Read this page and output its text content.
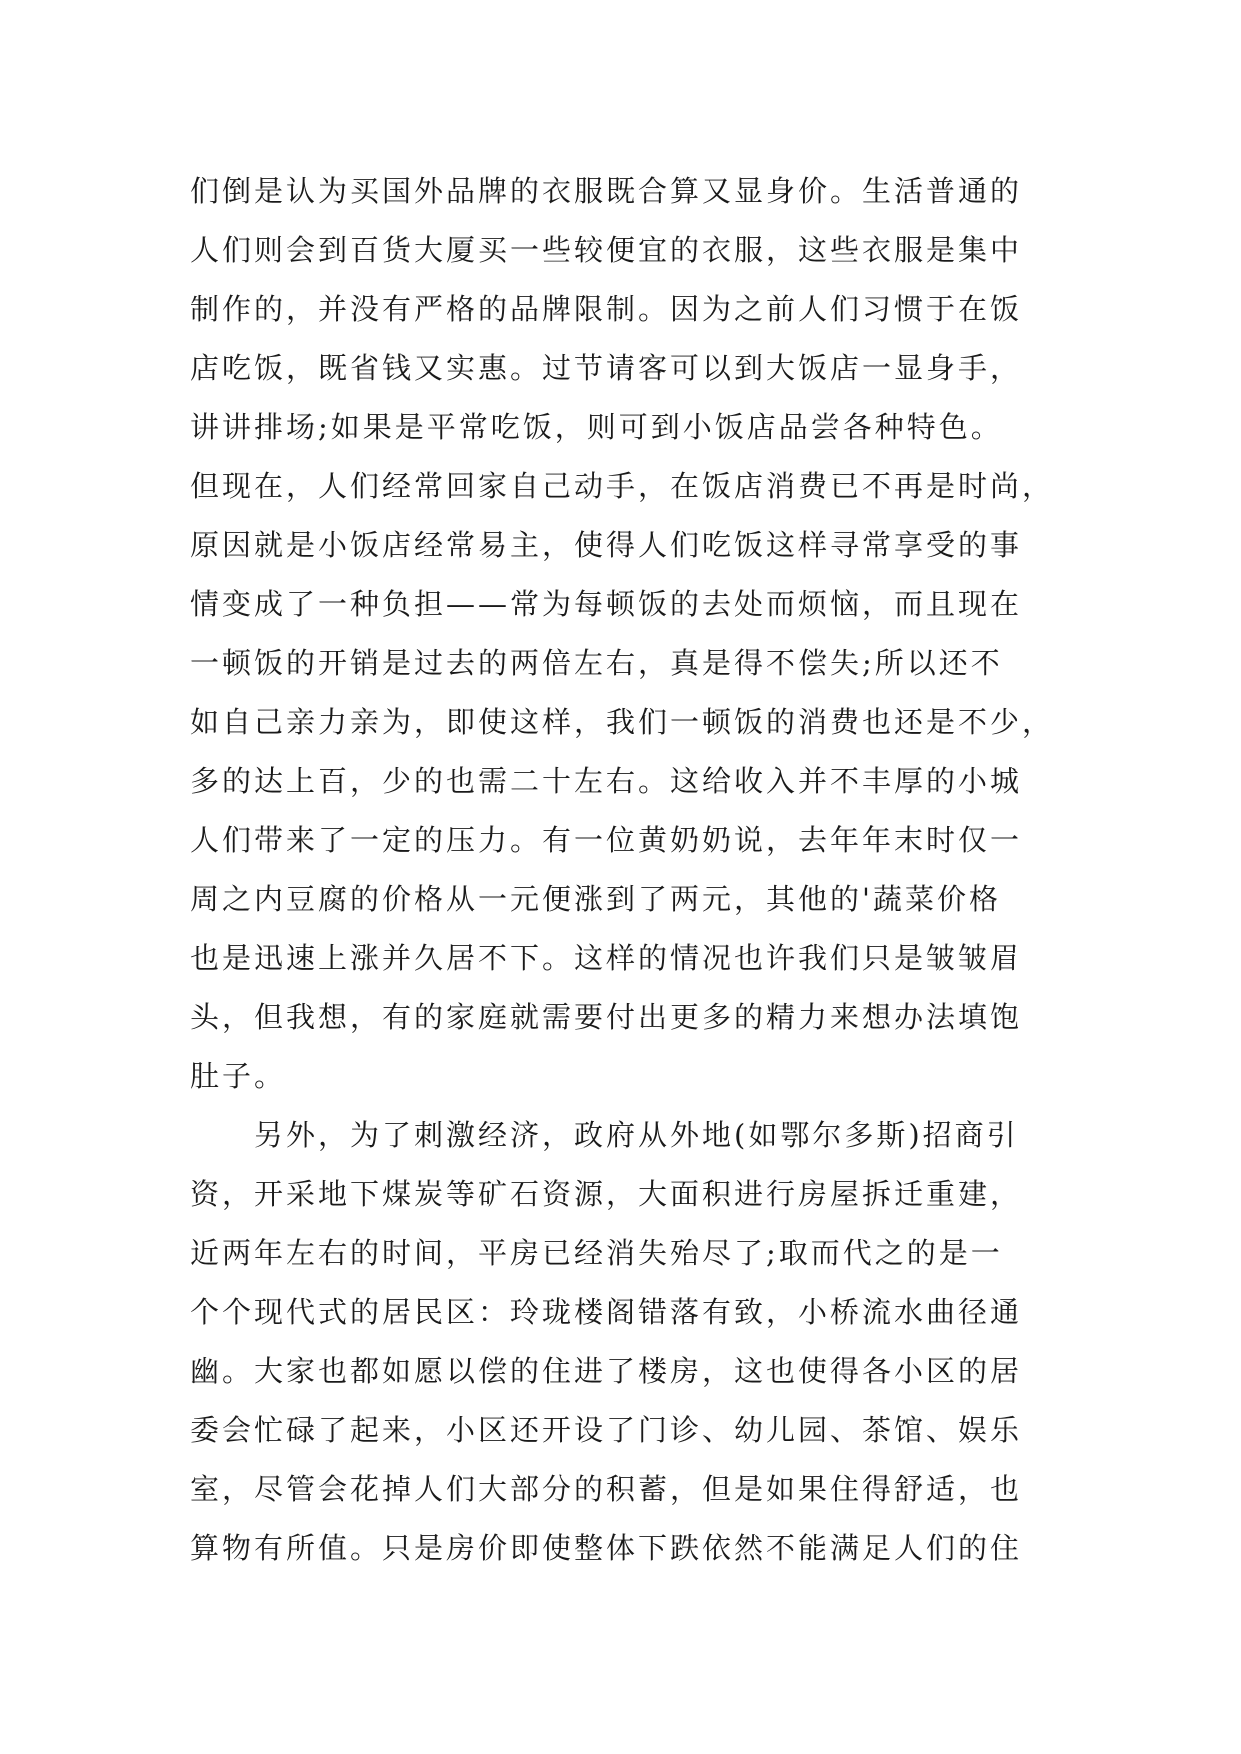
们倒是认为买国外品牌的衣服既合算又显身价。生活普通的
人们则会到百货大厦买一些较便宜的衣服，这些衣服是集中
制作的，并没有严格的品牌限制。因为之前人们习惯于在饭
店吃饭，既省钱又实惠。过节请客可以到大饭店一显身手，
讲讲排场;如果是平常吃饭，则可到小饭店品尝各种特色。
但现在，人们经常回家自己动手，在饭店消费已不再是时尚，
原因就是小饭店经常易主，使得人们吃饭这样寻常享受的事
情变成了一种负担——常为每顿饭的去处而烦恼，而且现在
一顿饭的开销是过去的两倍左右，真是得不偿失;所以还不
如自己亲力亲为，即使这样，我们一顿饭的消费也还是不少，
多的达上百，少的也需二十左右。这给收入并不丰厚的小城
人们带来了一定的压力。有一位黄奶奶说，去年年末时仅一
周之内豆腐的价格从一元便涨到了两元，其他的'蔬菜价格
也是迅速上涨并久居不下。这样的情况也许我们只是皱皱眉
头，但我想，有的家庭就需要付出更多的精力来想办法填饱
肚子。
　　另外，为了刺激经济，政府从外地(如鄂尔多斯)招商引
资，开采地下煤炭等矿石资源，大面积进行房屋拆迁重建，
近两年左右的时间，平房已经消失殆尽了;取而代之的是一
个个现代式的居民区：玲珑楼阁错落有致，小桥流水曲径通
幽。大家也都如愿以偿的住进了楼房，这也使得各小区的居
委会忙碌了起来，小区还开设了门诊、幼儿园、茶馆、娱乐
室，尽管会花掉人们大部分的积蓄，但是如果住得舒适，也
算物有所值。只是房价即使整体下跌依然不能满足人们的住
